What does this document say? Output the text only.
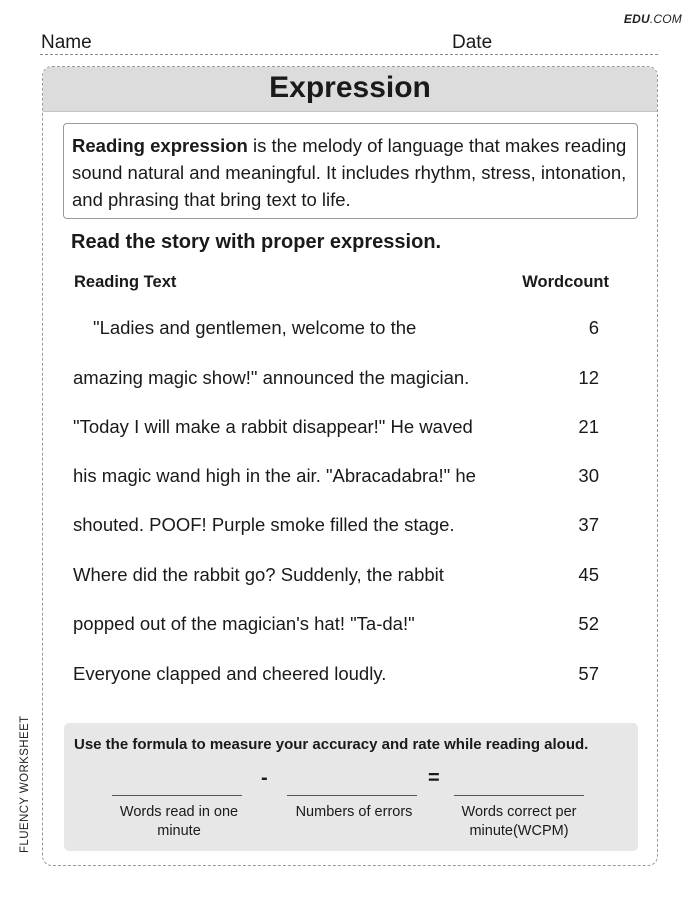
EDU.COM
Name	Date
Expression
Reading expression is the melody of language that makes reading sound natural and meaningful. It includes rhythm, stress, intonation, and phrasing that bring text to life.
Read the story with proper expression.
Reading Text	Wordcount
"Ladies and gentlemen, welcome to the	6
amazing magic show!" announced the magician.	12
"Today I will make a rabbit disappear!" He waved	21
his magic wand high in the air. "Abracadabra!" he	30
shouted. POOF! Purple smoke filled the stage.	37
Where did the rabbit go? Suddenly, the rabbit	45
popped out of the magician's hat! "Ta-da!"	52
Everyone clapped and cheered loudly.	57
Use the formula to measure your accuracy and rate while reading aloud.
-	=
Words read in one minute
Numbers of errors	Words correct per minute(WCPM)
FLUENCY WORKSHEET
